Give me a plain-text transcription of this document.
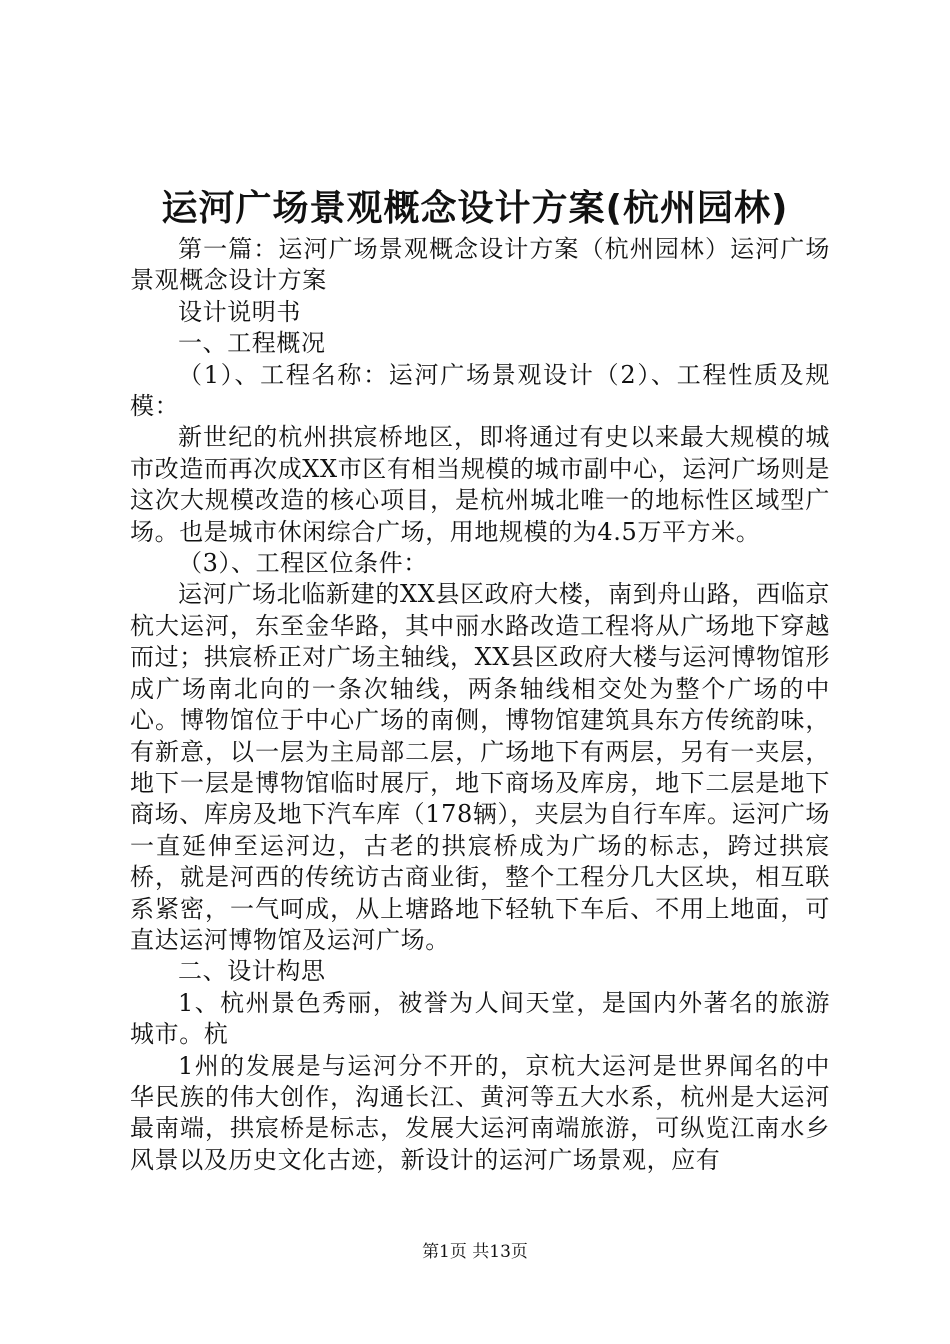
运河广场景观概念设计方案(杭州园林)

第一篇：运河广场景观概念设计方案（杭州园林）运河广场景观概念设计方案

设计说明书

一、工程概况

（1）、工程名称：运河广场景观设计（2）、工程性质及规模：

新世纪的杭州拱宸桥地区，即将通过有史以来最大规模的城市改造而再次成XX市区有相当规模的城市副中心，运河广场则是这次大规模改造的核心项目，是杭州城北唯一的地标性区域型广场。也是城市休闲综合广场，用地规模的为4.5万平方米。

（3）、工程区位条件：

运河广场北临新建的XX县区政府大楼，南到舟山路，西临京杭大运河，东至金华路，其中丽水路改造工程将从广场地下穿越而过；拱宸桥正对广场主轴线，XX县区政府大楼与运河博物馆形成广场南北向的一条次轴线，两条轴线相交处为整个广场的中心。博物馆位于中心广场的南侧，博物馆建筑具东方传统韵味，有新意，以一层为主局部二层，广场地下有两层，另有一夹层，地下一层是博物馆临时展厅，地下商场及库房，地下二层是地下商场、库房及地下汽车库（178辆），夹层为自行车库。运河广场一直延伸至运河边，古老的拱宸桥成为广场的标志，跨过拱宸桥，就是河西的传统访古商业街，整个工程分几大区块，相互联系紧密，一气呵成，从上塘路地下轻轨下车后、不用上地面，可直达运河博物馆及运河广场。

二、设计构思

1、杭州景色秀丽，被誉为人间天堂，是国内外著名的旅游城市。杭

1州的发展是与运河分不开的，京杭大运河是世界闻名的中华民族的伟大创作，沟通长江、黄河等五大水系，杭州是大运河最南端，拱宸桥是标志，发展大运河南端旅游，可纵览江南水乡风景以及历史文化古迹，新设计的运河广场景观，应有

第1页 共13页
